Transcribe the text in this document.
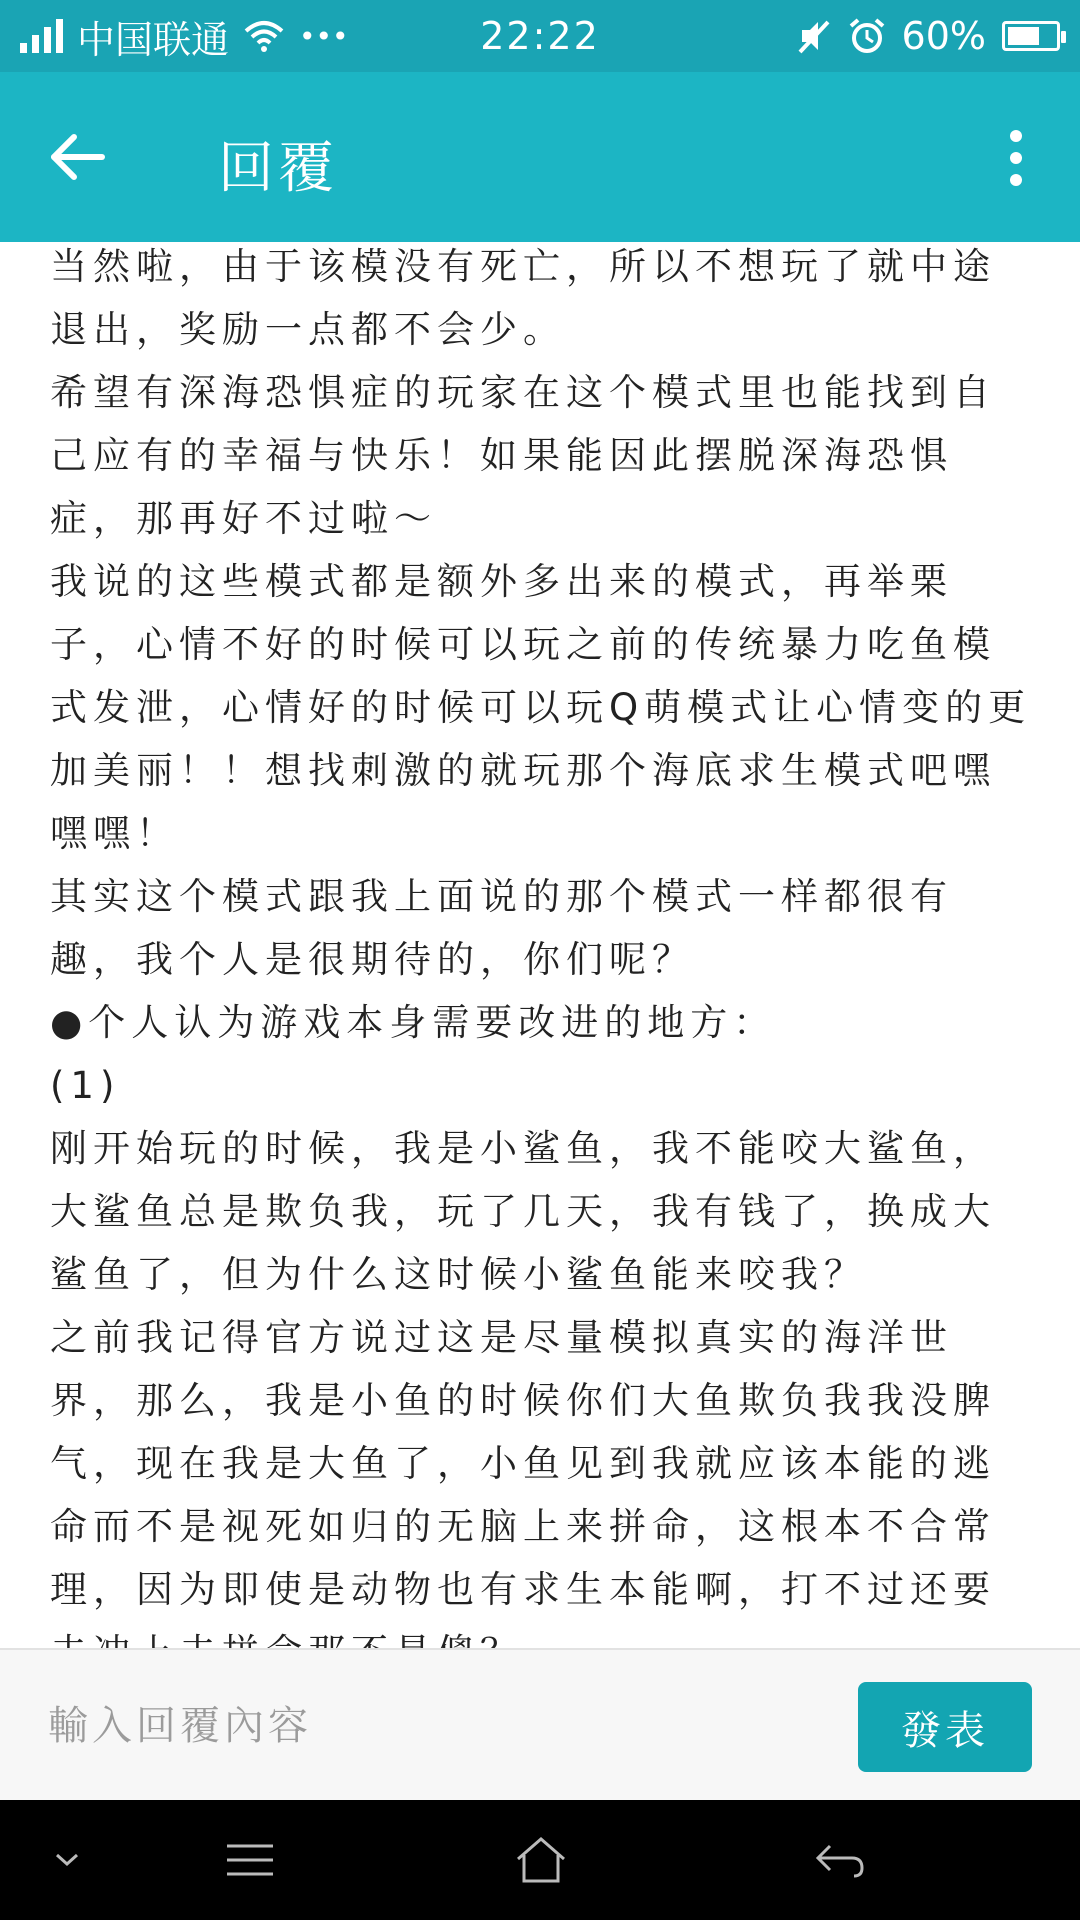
中国联通	•••	22:22	60%
回覆
当然啦，由于该模没有死亡，所以不想玩了就中途退出，奖励一点都不会少。
希望有深海恐惧症的玩家在这个模式里也能找到自己应有的幸福与快乐！如果能因此摆脱深海恐惧症，那再好不过啦～
我说的这些模式都是额外多出来的模式，再举栗子，心情不好的时候可以玩之前的传统暴力吃鱼模式发泄，心情好的时候可以玩Q萌模式让心情变的更加美丽！！想找刺激的就玩那个海底求生模式吧嘿嘿嘿！
其实这个模式跟我上面说的那个模式一样都很有趣，我个人是很期待的，你们呢？
●个人认为游戏本身需要改进的地方：
(1)
刚开始玩的时候，我是小鲨鱼，我不能咬大鲨鱼，大鲨鱼总是欺负我，玩了几天，我有钱了，换成大鲨鱼了，但为什么这时候小鲨鱼能来咬我？
之前我记得官方说过这是尽量模拟真实的海洋世界，那么，我是小鱼的时候你们大鱼欺负我我没脾气，现在我是大鱼了，小鱼见到我就应该本能的逃命而不是视死如归的无脑上来拼命，这根本不合常理，因为即使是动物也有求生本能啊，打不过还要

輸入回覆內容
發表
